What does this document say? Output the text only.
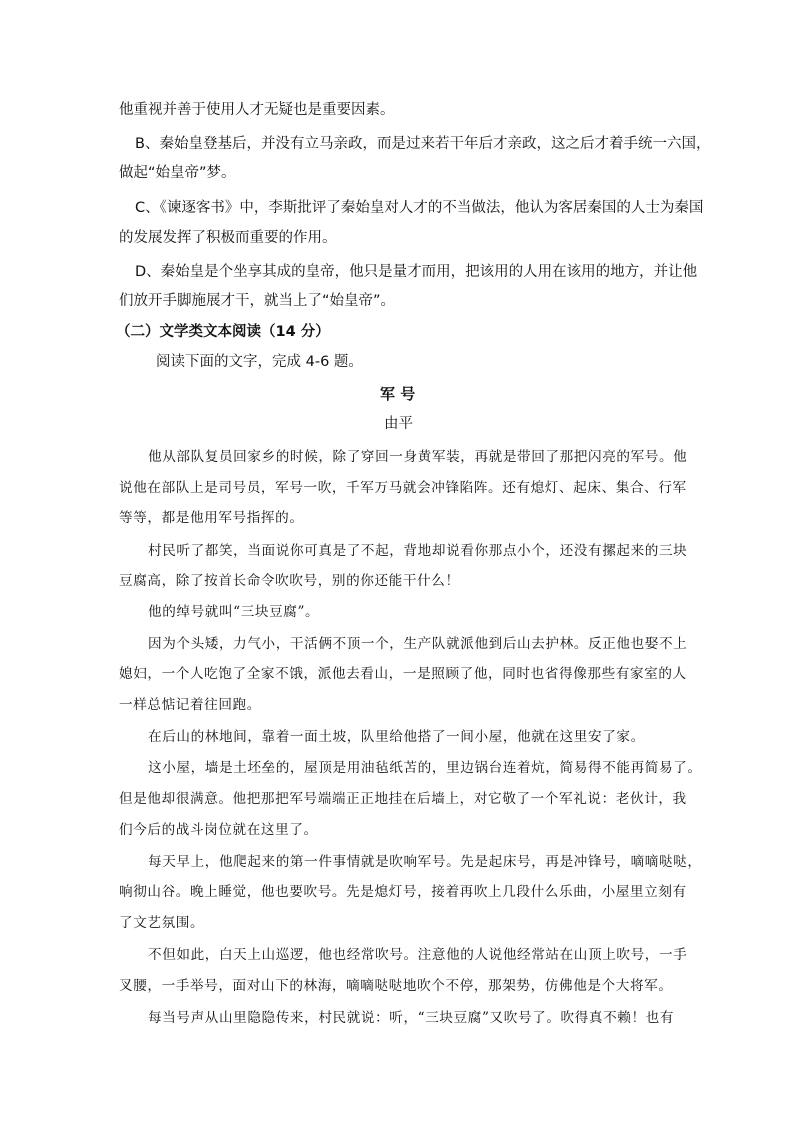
他重视并善于使用人才无疑也是重要因素。
B、秦始皇登基后，并没有立马亲政，而是过来若干年后才亲政，这之后才着手统一六国，
做起“始皇帝”梦。
C、《谏逐客书》中，李斯批评了秦始皇对人才的不当做法，他认为客居秦国的人士为秦国
的发展发挥了积极而重要的作用。
D、秦始皇是个坐享其成的皇帝，他只是量才而用，把该用的人用在该用的地方，并让他
们放开手脚施展才干，就当上了“始皇帝”。
（二）文学类文本阅读（14 分）
阅读下面的文字，完成 4-6 题。
军 号
由平
他从部队复员回家乡的时候，除了穿回一身黄军装，再就是带回了那把闪亮的军号。他
说他在部队上是司号员，军号一吹，千军万马就会冲锋陷阵。还有熄灯、起床、集合、行军
等等，都是他用军号指挥的。
村民听了都笑，当面说你可真是了不起，背地却说看你那点小个，还没有摞起来的三块
豆腐高，除了按首长命令吹吹号，别的你还能干什么！
他的绰号就叫“三块豆腐”。
因为个头矮，力气小，干活俩不顶一个，生产队就派他到后山去护林。反正他也娶不上
媳妇，一个人吃饱了全家不饿，派他去看山，一是照顾了他，同时也省得像那些有家室的人
一样总惦记着往回跑。
在后山的林地间，靠着一面土坡，队里给他搭了一间小屋，他就在这里安了家。
这小屋，墙是土坯垒的，屋顶是用油毡纸苫的，里边锅台连着炕，简易得不能再简易了。
但是他却很满意。他把那把军号端端正正地挂在后墙上，对它敬了一个军礼说：老伙计，我
们今后的战斗岗位就在这里了。
每天早上，他爬起来的第一件事情就是吹响军号。先是起床号，再是冲锋号，嘀嘀哒哒，
响彻山谷。晚上睡觉，他也要吹号。先是熄灯号，接着再吹上几段什么乐曲，小屋里立刻有
了文艺氛围。
不但如此，白天上山巡逻，他也经常吹号。注意他的人说他经常站在山顶上吹号，一手
叉腰，一手举号，面对山下的林海，嘀嘀哒哒地吹个不停，那架势，仿佛他是个大将军。
每当号声从山里隐隐传来，村民就说：听，“三块豆腐”又吹号了。吹得真不赖！也有
